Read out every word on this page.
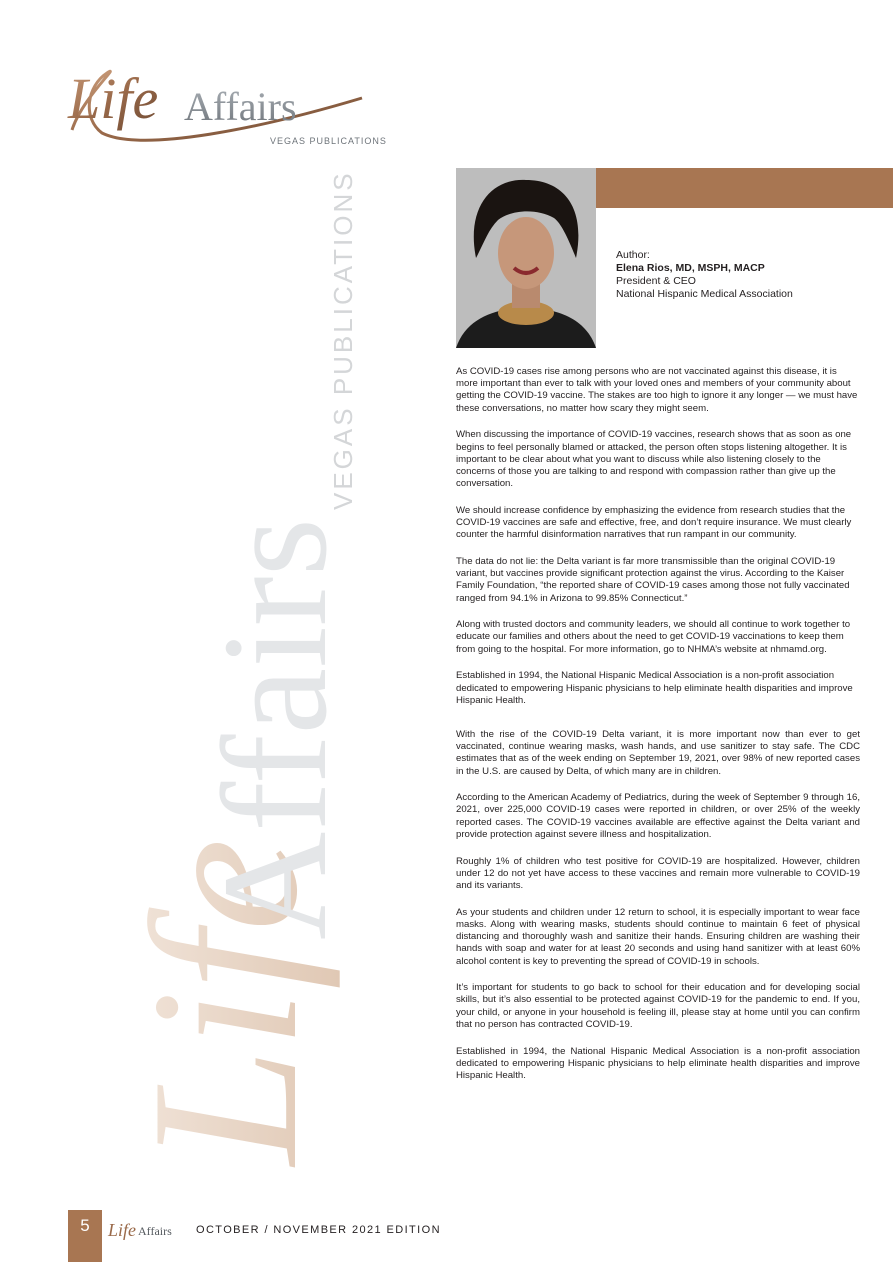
Life Affairs
VEGAS PUBLICATIONS
Life
Affairs
VEGAS PUBLICATIONS	Author:
Elena Rios, MD, MSPH, MACP
President & CEO
National Hispanic Medical Association

As COVID-19 cases rise among persons who are not vaccinated against this disease, it is more important than ever to talk with your loved ones and members of your community about getting the COVID-19 vaccine. The stakes are too high to ignore it any longer — we must have these conversations, no matter how scary they might seem.

When discussing the importance of COVID-19 vaccines, research shows that as soon as one begins to feel personally blamed or attacked, the person often stops listening altogether. It is important to be clear about what you want to discuss while also listening closely to the concerns of those you are talking to and respond with compassion rather than give up the conversation.

We should increase confidence by emphasizing the evidence from research studies that the COVID-19 vaccines are safe and effective, free, and don’t require insurance. We must clearly counter the harmful disinformation narratives that run rampant in our community.

The data do not lie: the Delta variant is far more transmissible than the original COVID-19 variant, but vaccines provide significant protection against the virus. According to the Kaiser Family Foundation, “the reported share of COVID-19 cases among those not fully vaccinated ranged from 94.1% in Arizona to 99.85% Connecticut.”

Along with trusted doctors and community leaders, we should all continue to work together to educate our families and others about the need to get COVID-19 vaccinations to keep them from going to the hospital. For more information, go to NHMA’s website at nhmamd.org.

Established in 1994, the National Hispanic Medical Association is a non-profit association dedicated to empowering Hispanic physicians to help eliminate health disparities and improve Hispanic Health.

With the rise of the COVID-19 Delta variant, it is more important now than ever to get vaccinated, continue wearing masks, wash hands, and use sanitizer to stay safe. The CDC estimates that as of the week ending on September 19, 2021, over 98% of new reported cases in the U.S. are caused by Delta, of which many are in children.

According to the American Academy of Pediatrics, during the week of September 9 through 16, 2021, over 225,000 COVID-19 cases were reported in children, or over 25% of the weekly reported cases. The COVID-19 vaccines available are effective against the Delta variant and provide protection against severe illness and hospitalization.

Roughly 1% of children who test positive for COVID-19 are hospitalized. However, children under 12 do not yet have access to these vaccines and remain more vulnerable to COVID-19 and its variants.

As your students and children under 12 return to school, it is especially important to wear face masks. Along with wearing masks, students should continue to maintain 6 feet of physical distancing and thoroughly wash and sanitize their hands. Ensuring children are washing their hands with soap and water for at least 20 seconds and using hand sanitizer with at least 60% alcohol content is key to preventing the spread of COVID-19 in schools.

It’s important for students to go back to school for their education and for developing social skills, but it’s also essential to be protected against COVID-19 for the pandemic to end. If you, your child, or anyone in your household is feeling ill, please stay at home until you can confirm that no person has contracted COVID-19.

Established in 1994, the National Hispanic Medical Association is a non-profit association dedicated to empowering Hispanic physicians to help eliminate health disparities and improve Hispanic Health.

5	Life Affairs OCTOBER / NOVEMBER 2021 EDITION
